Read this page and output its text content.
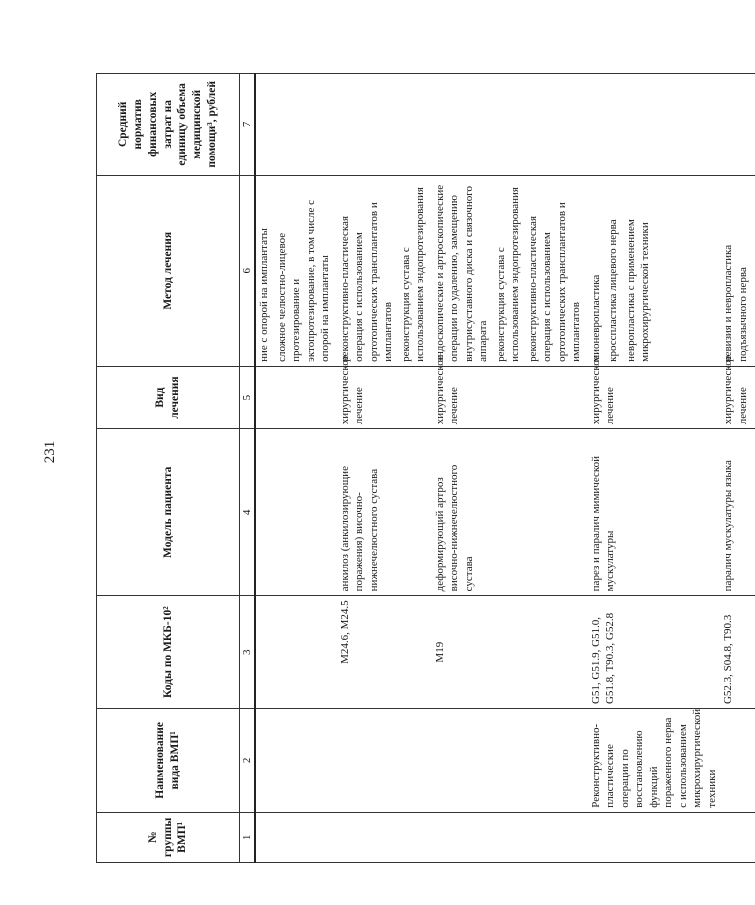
231
№ группы ВМП¹	Наименование вида ВМП¹	Коды по МКБ-10²	Модель пациента	Вид лечения	Метод лечения	Средний норматив финансовых затрат на единицу объема медицинской помощи³, рублей
1	2	3	4	5	6	7

					ние с опорой на имплантаты сложное челюстно-лицевое протезирование и эктопротезирование, в том числе с опорой на имплантаты	

		M24.6, M24.5	анкилоз (анкилозирующие поражения) височно-нижнечелюстного сустава	хирургическое лечение	реконструктивно-пластическая операция с использованием ортотопических трансплантатов и имплантатов реконструкция сустава с использованием эндопротезирования	

		M19	деформирующий артроз височно-нижнечелюстного сустава	хирургическое лечение	эндоскопические и артроскопические операции по удалению, замещению внутрисуставного диска и связочного аппарата реконструкция сустава с использованием эндопротезирования реконструктивно-пластическая операция с использованием ортотопических трансплантатов и имплантатов	

	Реконструктивно-пластические операции по восстановлению функций пораженного нерва с использованием микрохирургической техники	G51, G51.9, G51.0, G51.8, T90.3, G52.8	парез и паралич мимической мускулатуры	хирургическое лечение	мионевропластика кросспластика лицевого нерва невропластика с применением микрохирургической техники	

		G52.3, S04.8, T90.3	паралич мускулатуры языка	хирургическое лечение	ревизия и невропластика подъязычного нерва	
